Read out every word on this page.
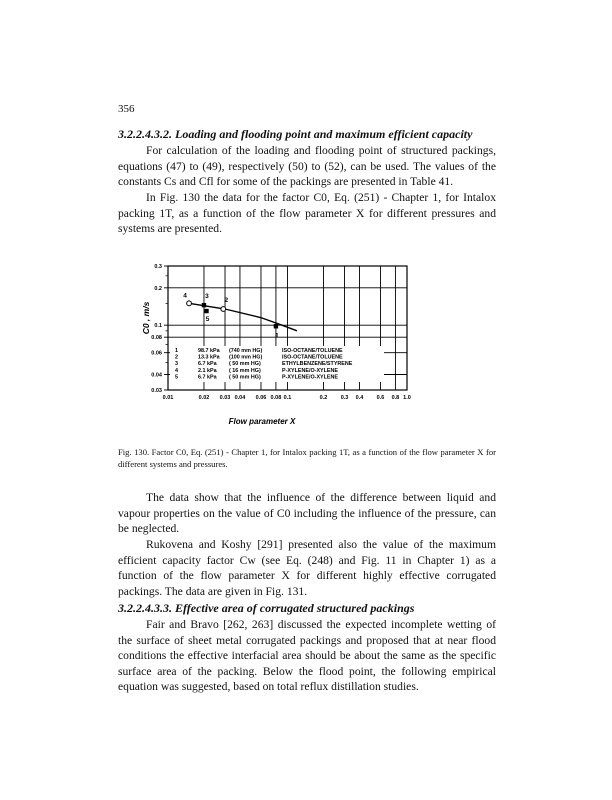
356
3.2.2.4.3.2. Loading and flooding point and maximum efficient capacity

For calculation of the loading and flooding point of structured packings, equations (47) to (49), respectively (50) to (52), can be used. The values of the constants Cs and Cfl for some of the packings are presented in Table 41.

In Fig. 130 the data for the factor C0, Eq. (251) - Chapter 1, for Intalox packing 1T, as a function of the flow parameter X for different pressures and systems are presented.

0.01	0.02 0.03 0.04 0.06 0.08 0.1	0.2 0.3 0.4 0.6 0.8 1.0
0.3
0.2
0.1
0.08
0.06
0.04
0.03
4	3
5
2
1
1	98.7 kPa (740 mm HG)	ISO-OCTANE/TOLUENE
2	13.3 kPa (100 mm HG)	ISO-OCTANE/TOLUENE
3	6.7 kPa ( 50 mm HG)	ETHYLBENZENE/STYRENE
4	2.1 kPa ( 16 mm HG)	P-XYLENE/O-XYLENE
5	6.7 kPa ( 50 mm HG)	P-XYLENE/O-XYLENE
Flow parameter X
C0 , m/s

Fig. 130. Factor C0, Eq. (251) - Chapter 1, for Intalox packing 1T, as a function of the flow parameter X for different systems and pressures.

The data show that the influence of the difference between liquid and vapour properties on the value of C0 including the influence of the pressure, can be neglected.

Rukovena and Koshy [291] presented also the value of the maximum efficient capacity factor Cw (see Eq. (248) and Fig. 11 in Chapter 1) as a function of the flow parameter X for different highly effective corrugated packings. The data are given in Fig. 131.

3.2.2.4.3.3. Effective area of corrugated structured packings

Fair and Bravo [262, 263] discussed the expected incomplete wetting of the surface of sheet metal corrugated packings and proposed that at near flood conditions the effective interfacial area should be about the same as the specific surface area of the packing. Below the flood point, the following empirical equation was suggested, based on total reflux distillation studies.
